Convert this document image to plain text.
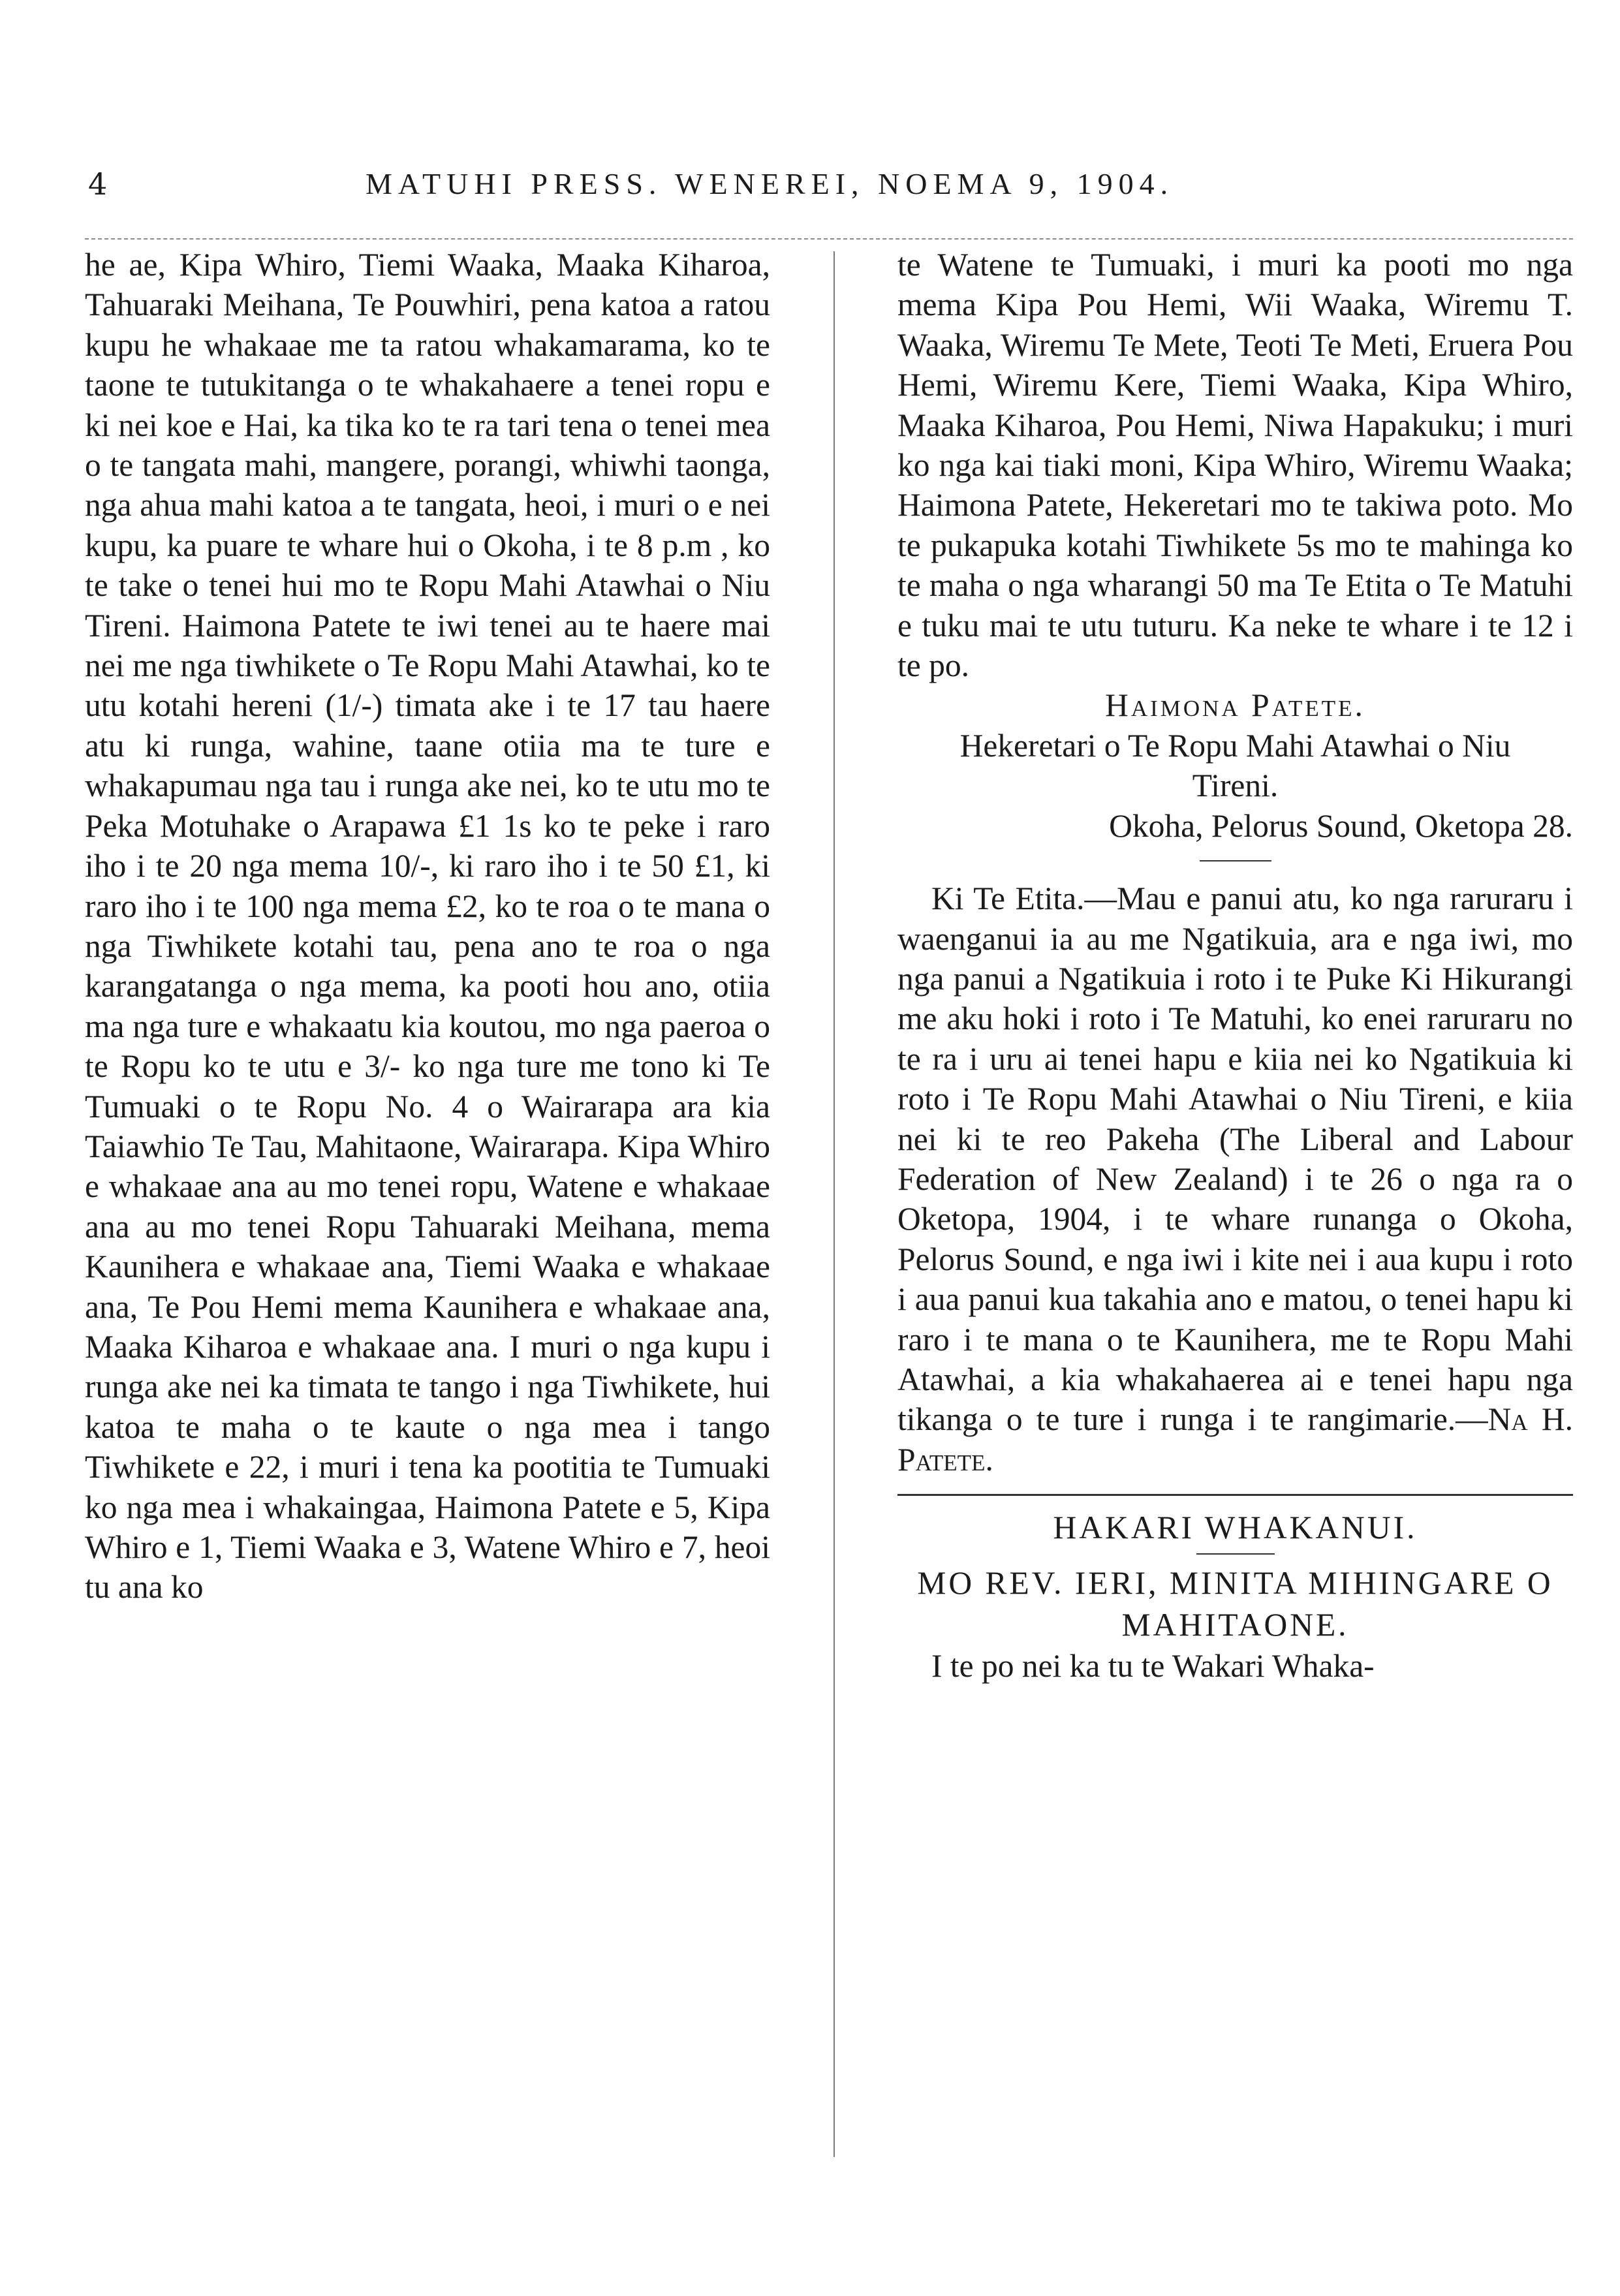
4	MATUHI PRESS. WENEREI, NOEMA 9, 1904.

he ae, Kipa Whiro, Tiemi Waaka, Maaka Kiharoa, Tahuaraki Meihana, Te Pouwhiri, pena katoa a ratou kupu he whakaae me ta ratou whakamarama, ko te taone te tutukitanga o te whakahaere a tenei ropu e ki nei koe e Hai, ka tika ko te ra tari tena o tenei mea o te tangata mahi, mangere, porangi, whiwhi taonga, nga ahua mahi katoa a te tangata, heoi, i muri o e nei kupu, ka puare te whare hui o Okoha, i te 8 p.m , ko te take o tenei hui mo te Ropu Mahi Atawhai o Niu Tireni. Haimona Patete te iwi tenei au te haere mai nei me nga tiwhikete o Te Ropu Mahi Atawhai, ko te utu kotahi hereni (1/-) timata ake i te 17 tau haere atu ki runga, wahine, taane otiia ma te ture e whakapumau nga tau i runga ake nei, ko te utu mo te Peka Motuhake o Arapawa £1 1s ko te peke i raro iho i te 20 nga mema 10/-, ki raro iho i te 50 £1, ki raro iho i te 100 nga mema £2, ko te roa o te mana o nga Tiwhikete kotahi tau, pena ano te roa o nga karangatanga o nga mema, ka pooti hou ano, otiia ma nga ture e whakaatu kia koutou, mo nga paeroa o te Ropu ko te utu e 3/- ko nga ture me tono ki Te Tumuaki o te Ropu No. 4 o Wairarapa ara kia Taiawhio Te Tau, Mahitaone, Wairarapa. Kipa Whiro e whakaae ana au mo tenei ropu, Watene e whakaae ana au mo tenei Ropu Tahuaraki Meihana, mema Kaunihera e whakaae ana, Tiemi Waaka e whakaae ana, Te Pou Hemi mema Kaunihera e whakaae ana, Maaka Kiharoa e whakaae ana. I muri o nga kupu i runga ake nei ka timata te tango i nga Tiwhikete, hui katoa te maha o te kaute o nga mea i tango Tiwhikete e 22, i muri i tena ka pootitia te Tumuaki ko nga mea i whakaingaa, Haimona Patete e 5, Kipa Whiro e 1, Tiemi Waaka e 3, Watene Whiro e 7, heoi tu ana ko

te Watene te Tumuaki, i muri ka pooti mo nga mema Kipa Pou Hemi, Wii Waaka, Wiremu T. Waaka, Wiremu Te Mete, Teoti Te Meti, Eruera Pou Hemi, Wiremu Kere, Tiemi Waaka, Kipa Whiro, Maaka Kiharoa, Pou Hemi, Niwa Hapakuku; i muri ko nga kai tiaki moni, Kipa Whiro, Wiremu Waaka; Haimona Patete, Hekeretari mo te takiwa poto. Mo te pukapuka kotahi Tiwhikete 5s mo te mahinga ko te maha o nga wharangi 50 ma Te Etita o Te Matuhi e tuku mai te utu tuturu. Ka neke te whare i te 12 i te po.

Haimona Patete.

Hekeretari o Te Ropu Mahi Atawhai o Niu Tireni.

Okoha, Pelorus Sound, Oketopa 28.

Ki Te Etita.—Mau e panui atu, ko nga raruraru i waenganui ia au me Ngatikuia, ara e nga iwi, mo nga panui a Ngatikuia i roto i te Puke Ki Hikurangi me aku hoki i roto i Te Matuhi, ko enei raruraru no te ra i uru ai tenei hapu e kiia nei ko Ngatikuia ki roto i Te Ropu Mahi Atawhai o Niu Tireni, e kiia nei ki te reo Pakeha (The Liberal and Labour Federation of New Zealand) i te 26 o nga ra o Oketopa, 1904, i te whare runanga o Okoha, Pelorus Sound, e nga iwi i kite nei i aua kupu i roto i aua panui kua takahia ano e matou, o tenei hapu ki raro i te mana o te Kaunihera, me te Ropu Mahi Atawhai, a kia whakahaerea ai e tenei hapu nga tikanga o te ture i runga i te rangimarie.—Na H. Patete.

HAKARI WHAKANUI.

MO REV. IERI, MINITA MIHINGARE O MAHITAONE.

I te po nei ka tu te Wakari Whaka-
